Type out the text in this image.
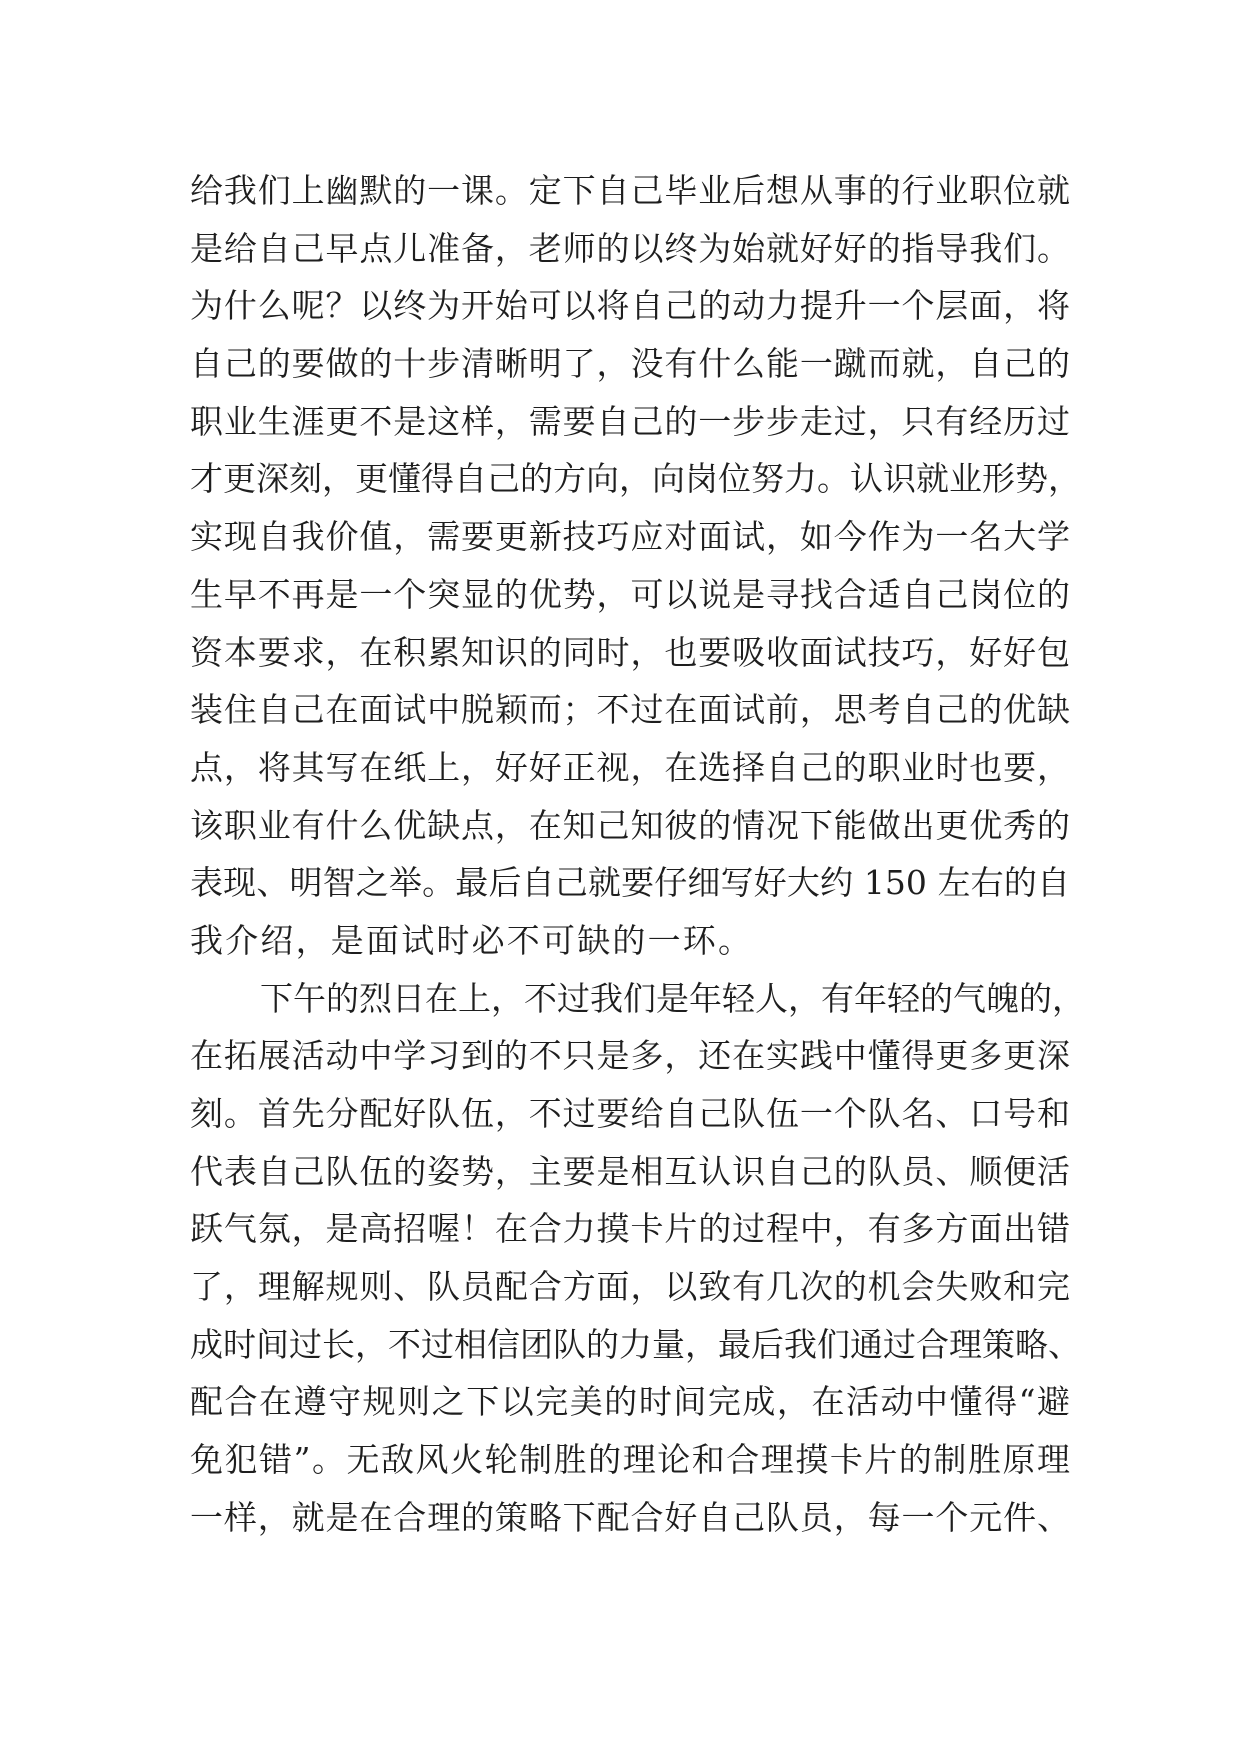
给我们上幽默的一课。定下自己毕业后想从事的行业职位就
是给自己早点儿准备，老师的以终为始就好好的指导我们。
为什么呢？以终为开始可以将自己的动力提升一个层面，将
自己的要做的十步清晰明了，没有什么能一蹴而就，自己的
职业生涯更不是这样，需要自己的一步步走过，只有经历过
才更深刻，更懂得自己的方向，向岗位努力。认识就业形势，
实现自我价值，需要更新技巧应对面试，如今作为一名大学
生早不再是一个突显的优势，可以说是寻找合适自己岗位的
资本要求，在积累知识的同时，也要吸收面试技巧，好好包
装住自己在面试中脱颖而；不过在面试前，思考自己的优缺
点，将其写在纸上，好好正视，在选择自己的职业时也要，
该职业有什么优缺点，在知己知彼的情况下能做出更优秀的
表现、明智之举。最后自己就要仔细写好大约 150 左右的自
我介绍，是面试时必不可缺的一环。
下午的烈日在上，不过我们是年轻人，有年轻的气魄的，
在拓展活动中学习到的不只是多，还在实践中懂得更多更深
刻。首先分配好队伍，不过要给自己队伍一个队名、口号和
代表自己队伍的姿势，主要是相互认识自己的队员、顺便活
跃气氛，是高招喔！在合力摸卡片的过程中，有多方面出错
了，理解规则、队员配合方面，以致有几次的机会失败和完
成时间过长，不过相信团队的力量，最后我们通过合理策略、
配合在遵守规则之下以完美的时间完成，在活动中懂得“避
免犯错”。无敌风火轮制胜的理论和合理摸卡片的制胜原理
一样，就是在合理的策略下配合好自己队员，每一个元件、
